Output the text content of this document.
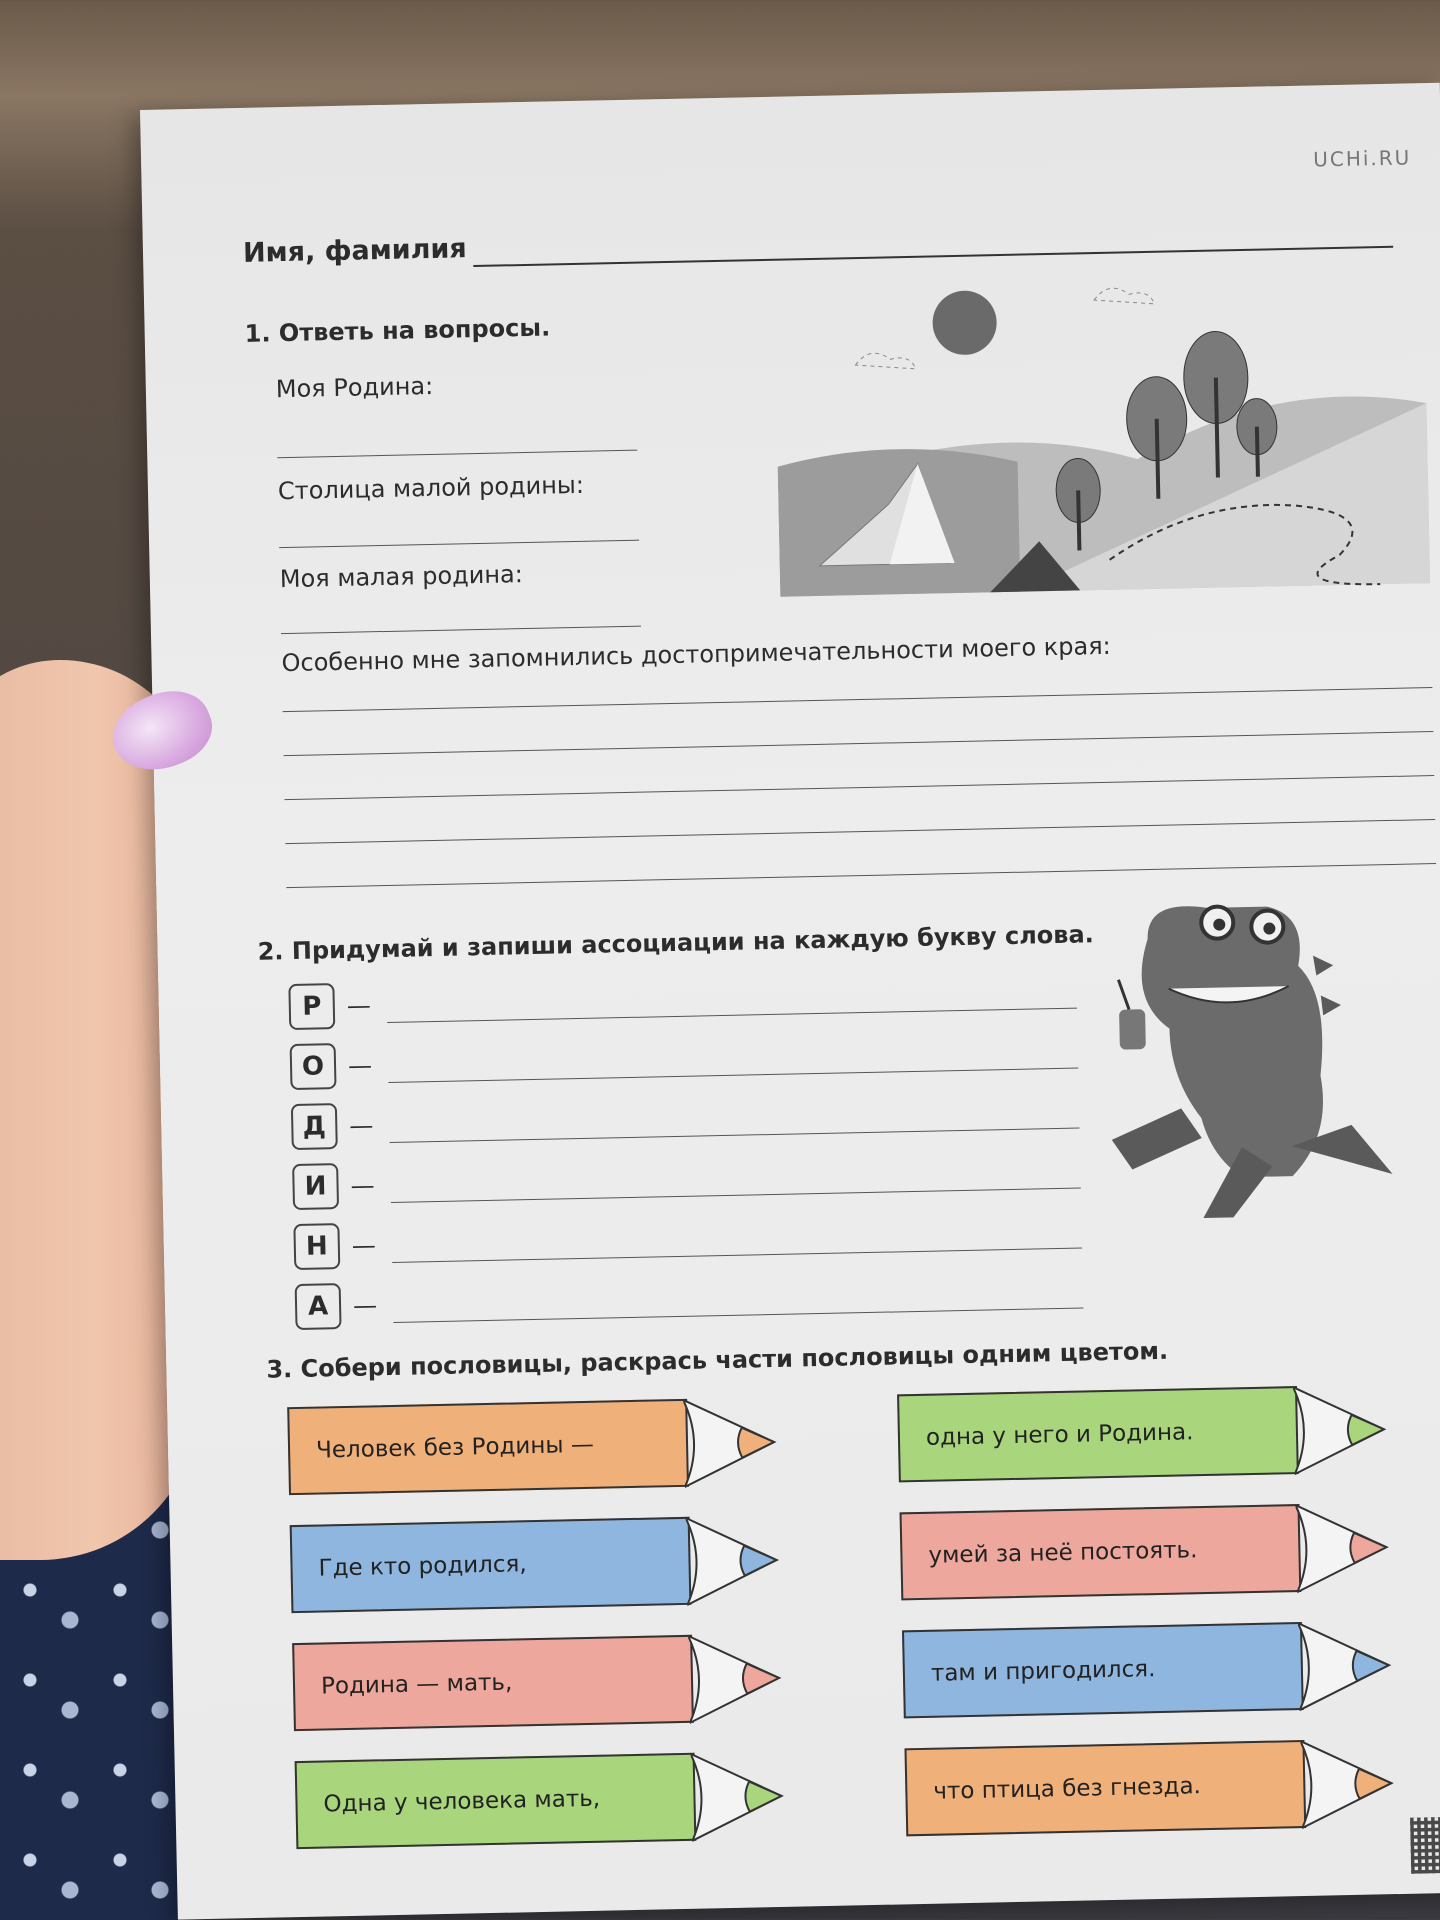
UCHi.RU
Имя, фамилия
1. Ответь на вопросы.
Моя Родина:
Столица малой родины:
Моя малая родина:
Особенно мне запомнились достопримечательности моего края:
2. Придумай и запиши ассоциации на каждую букву слова.
Р	—
О —
Д —
И —
Н —
А	—
3. Собери пословицы, раскрась части пословицы одним цветом.
Человек без Родины —
Где кто родился,
Родина — мать,
Одна у человека мать,
одна у него и Родина.
умей за неё постоять.
там и пригодился.
что птица без гнезда.
